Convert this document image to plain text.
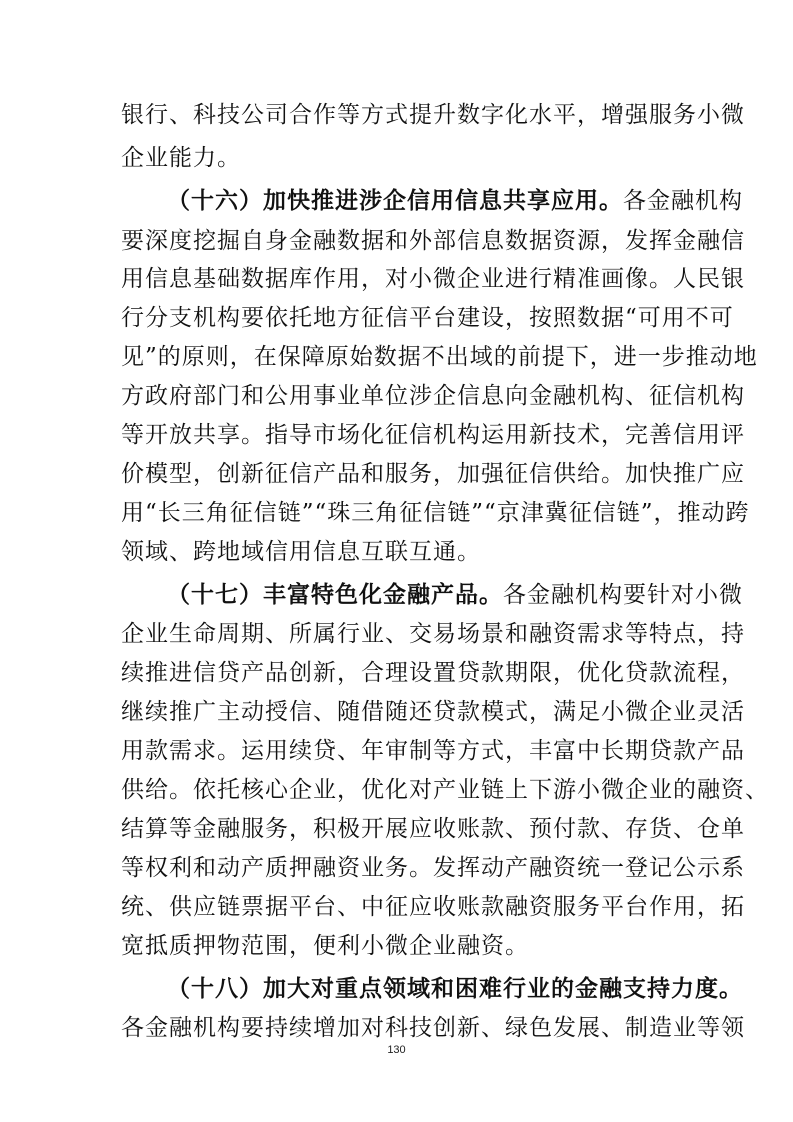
银行、科技公司合作等方式提升数字化水平，增强服务小微
企业能力。
（十六）加快推进涉企信用信息共享应用。各金融机构
要深度挖掘自身金融数据和外部信息数据资源，发挥金融信
用信息基础数据库作用，对小微企业进行精准画像。人民银
行分支机构要依托地方征信平台建设，按照数据“可用不可
见”的原则，在保障原始数据不出域的前提下，进一步推动地
方政府部门和公用事业单位涉企信息向金融机构、征信机构
等开放共享。指导市场化征信机构运用新技术，完善信用评
价模型，创新征信产品和服务，加强征信供给。加快推广应
用“长三角征信链”“珠三角征信链”“京津冀征信链”，推动跨
领域、跨地域信用信息互联互通。
（十七）丰富特色化金融产品。各金融机构要针对小微
企业生命周期、所属行业、交易场景和融资需求等特点，持
续推进信贷产品创新，合理设置贷款期限，优化贷款流程，
继续推广主动授信、随借随还贷款模式，满足小微企业灵活
用款需求。运用续贷、年审制等方式，丰富中长期贷款产品
供给。依托核心企业，优化对产业链上下游小微企业的融资、
结算等金融服务，积极开展应收账款、预付款、存货、仓单
等权利和动产质押融资业务。发挥动产融资统一登记公示系
统、供应链票据平台、中征应收账款融资服务平台作用，拓
宽抵质押物范围，便利小微企业融资。
（十八）加大对重点领域和困难行业的金融支持力度。
各金融机构要持续增加对科技创新、绿色发展、制造业等领
130
